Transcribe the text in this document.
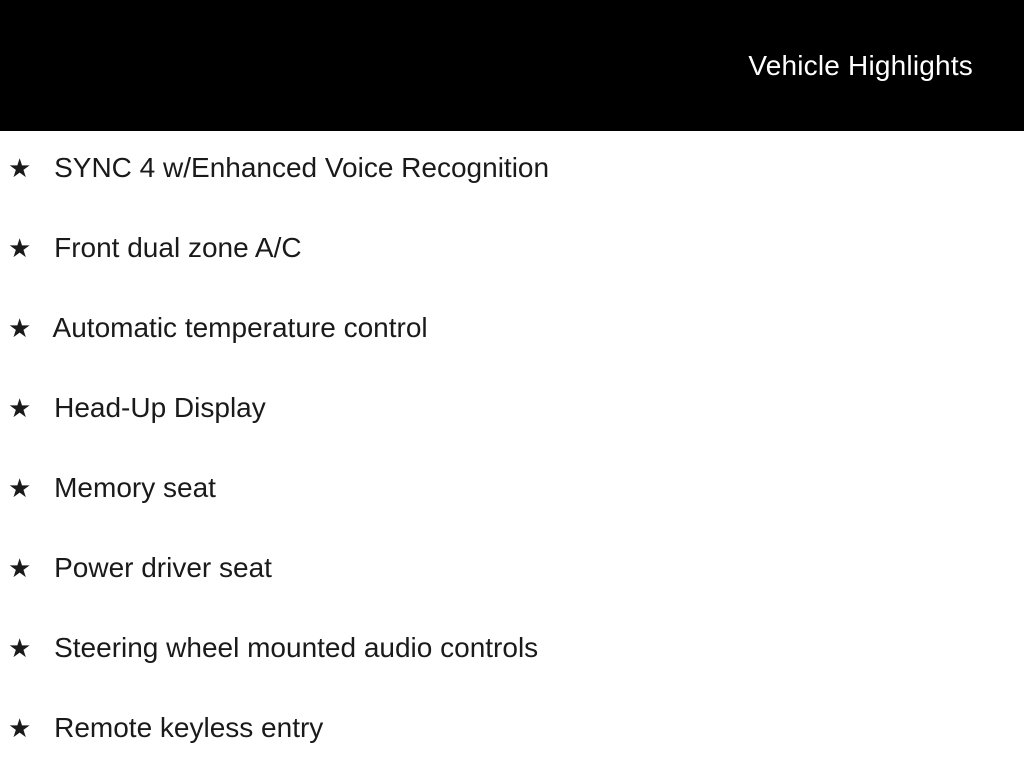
Vehicle Highlights
★ SYNC 4 w/Enhanced Voice Recognition
★ Front dual zone A/C
★ Automatic temperature control
★ Head-Up Display
★ Memory seat
★ Power driver seat
★ Steering wheel mounted audio controls
★ Remote keyless entry
